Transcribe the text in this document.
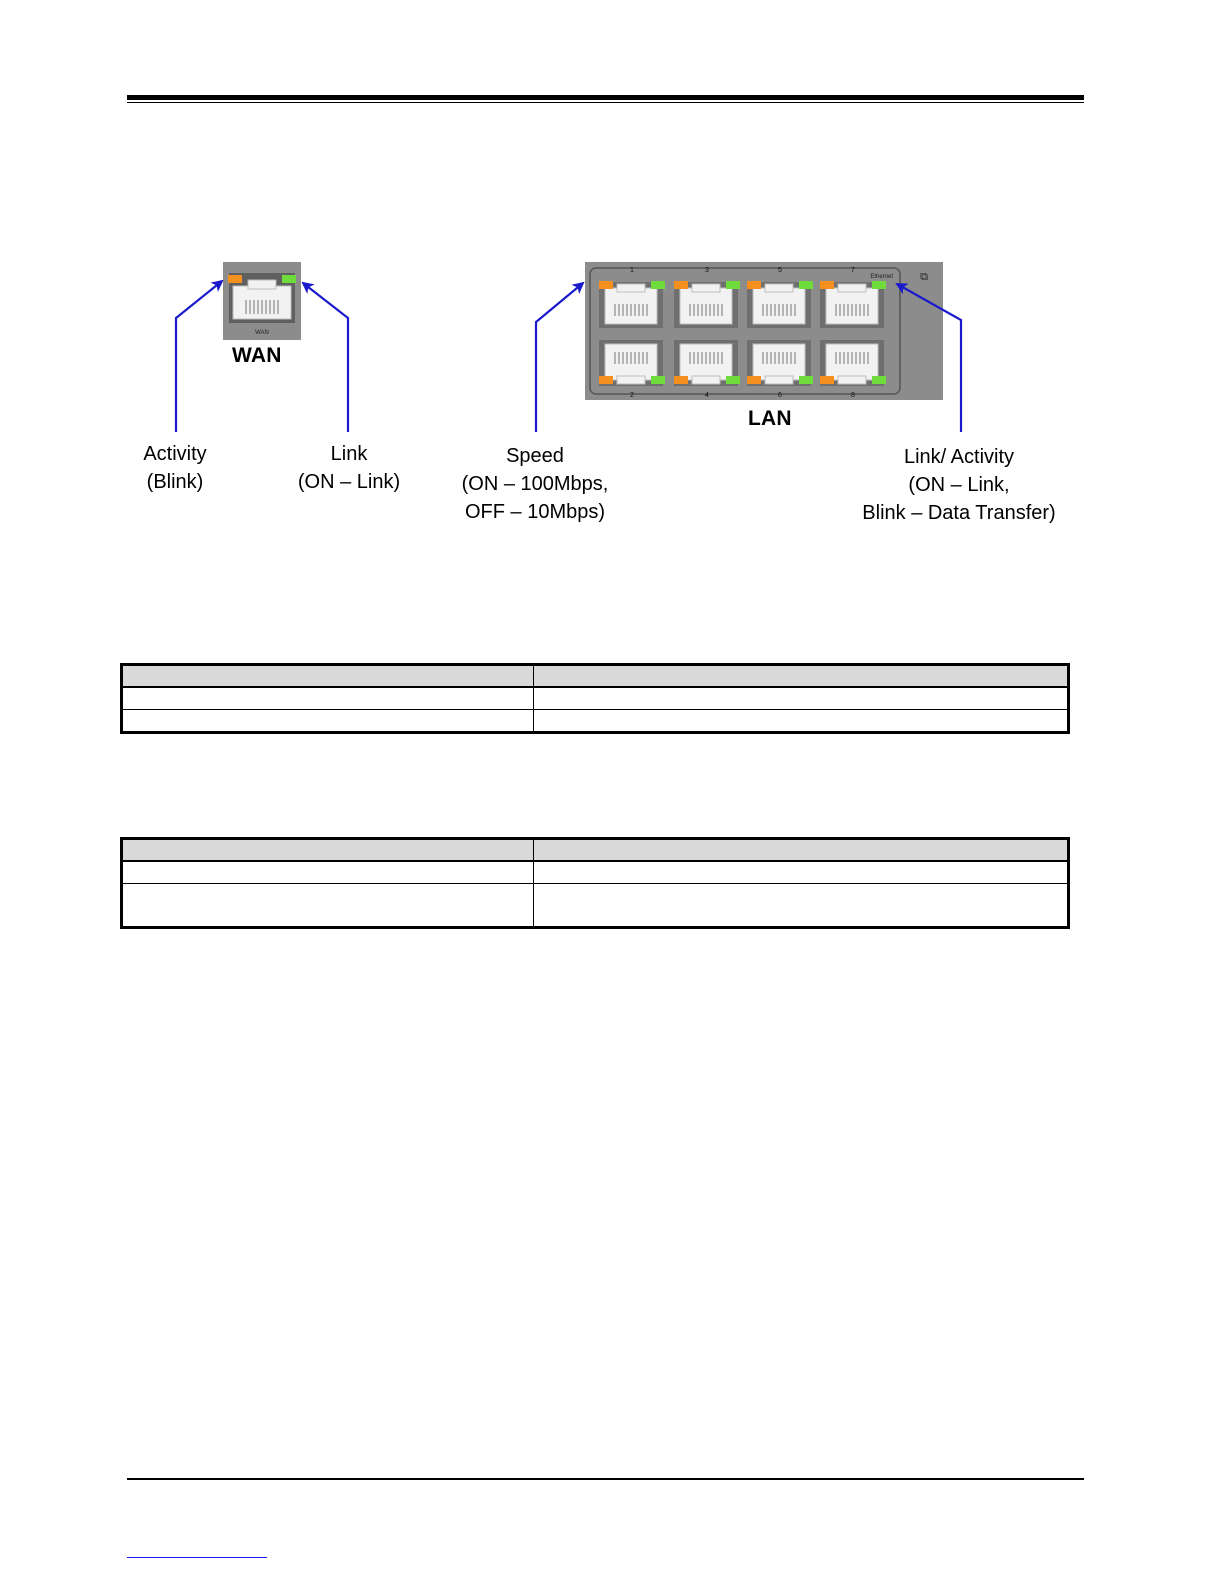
WAN
Ethernet ⧉
1	3	5	7
2	4	6	8
WAN
LAN
Activity
(Blink)
Link
(ON – Link)
Speed
(ON – 100Mbps,
OFF – 10Mbps)
Link/ Activity
(ON – Link,
Blink – Data Transfer)
